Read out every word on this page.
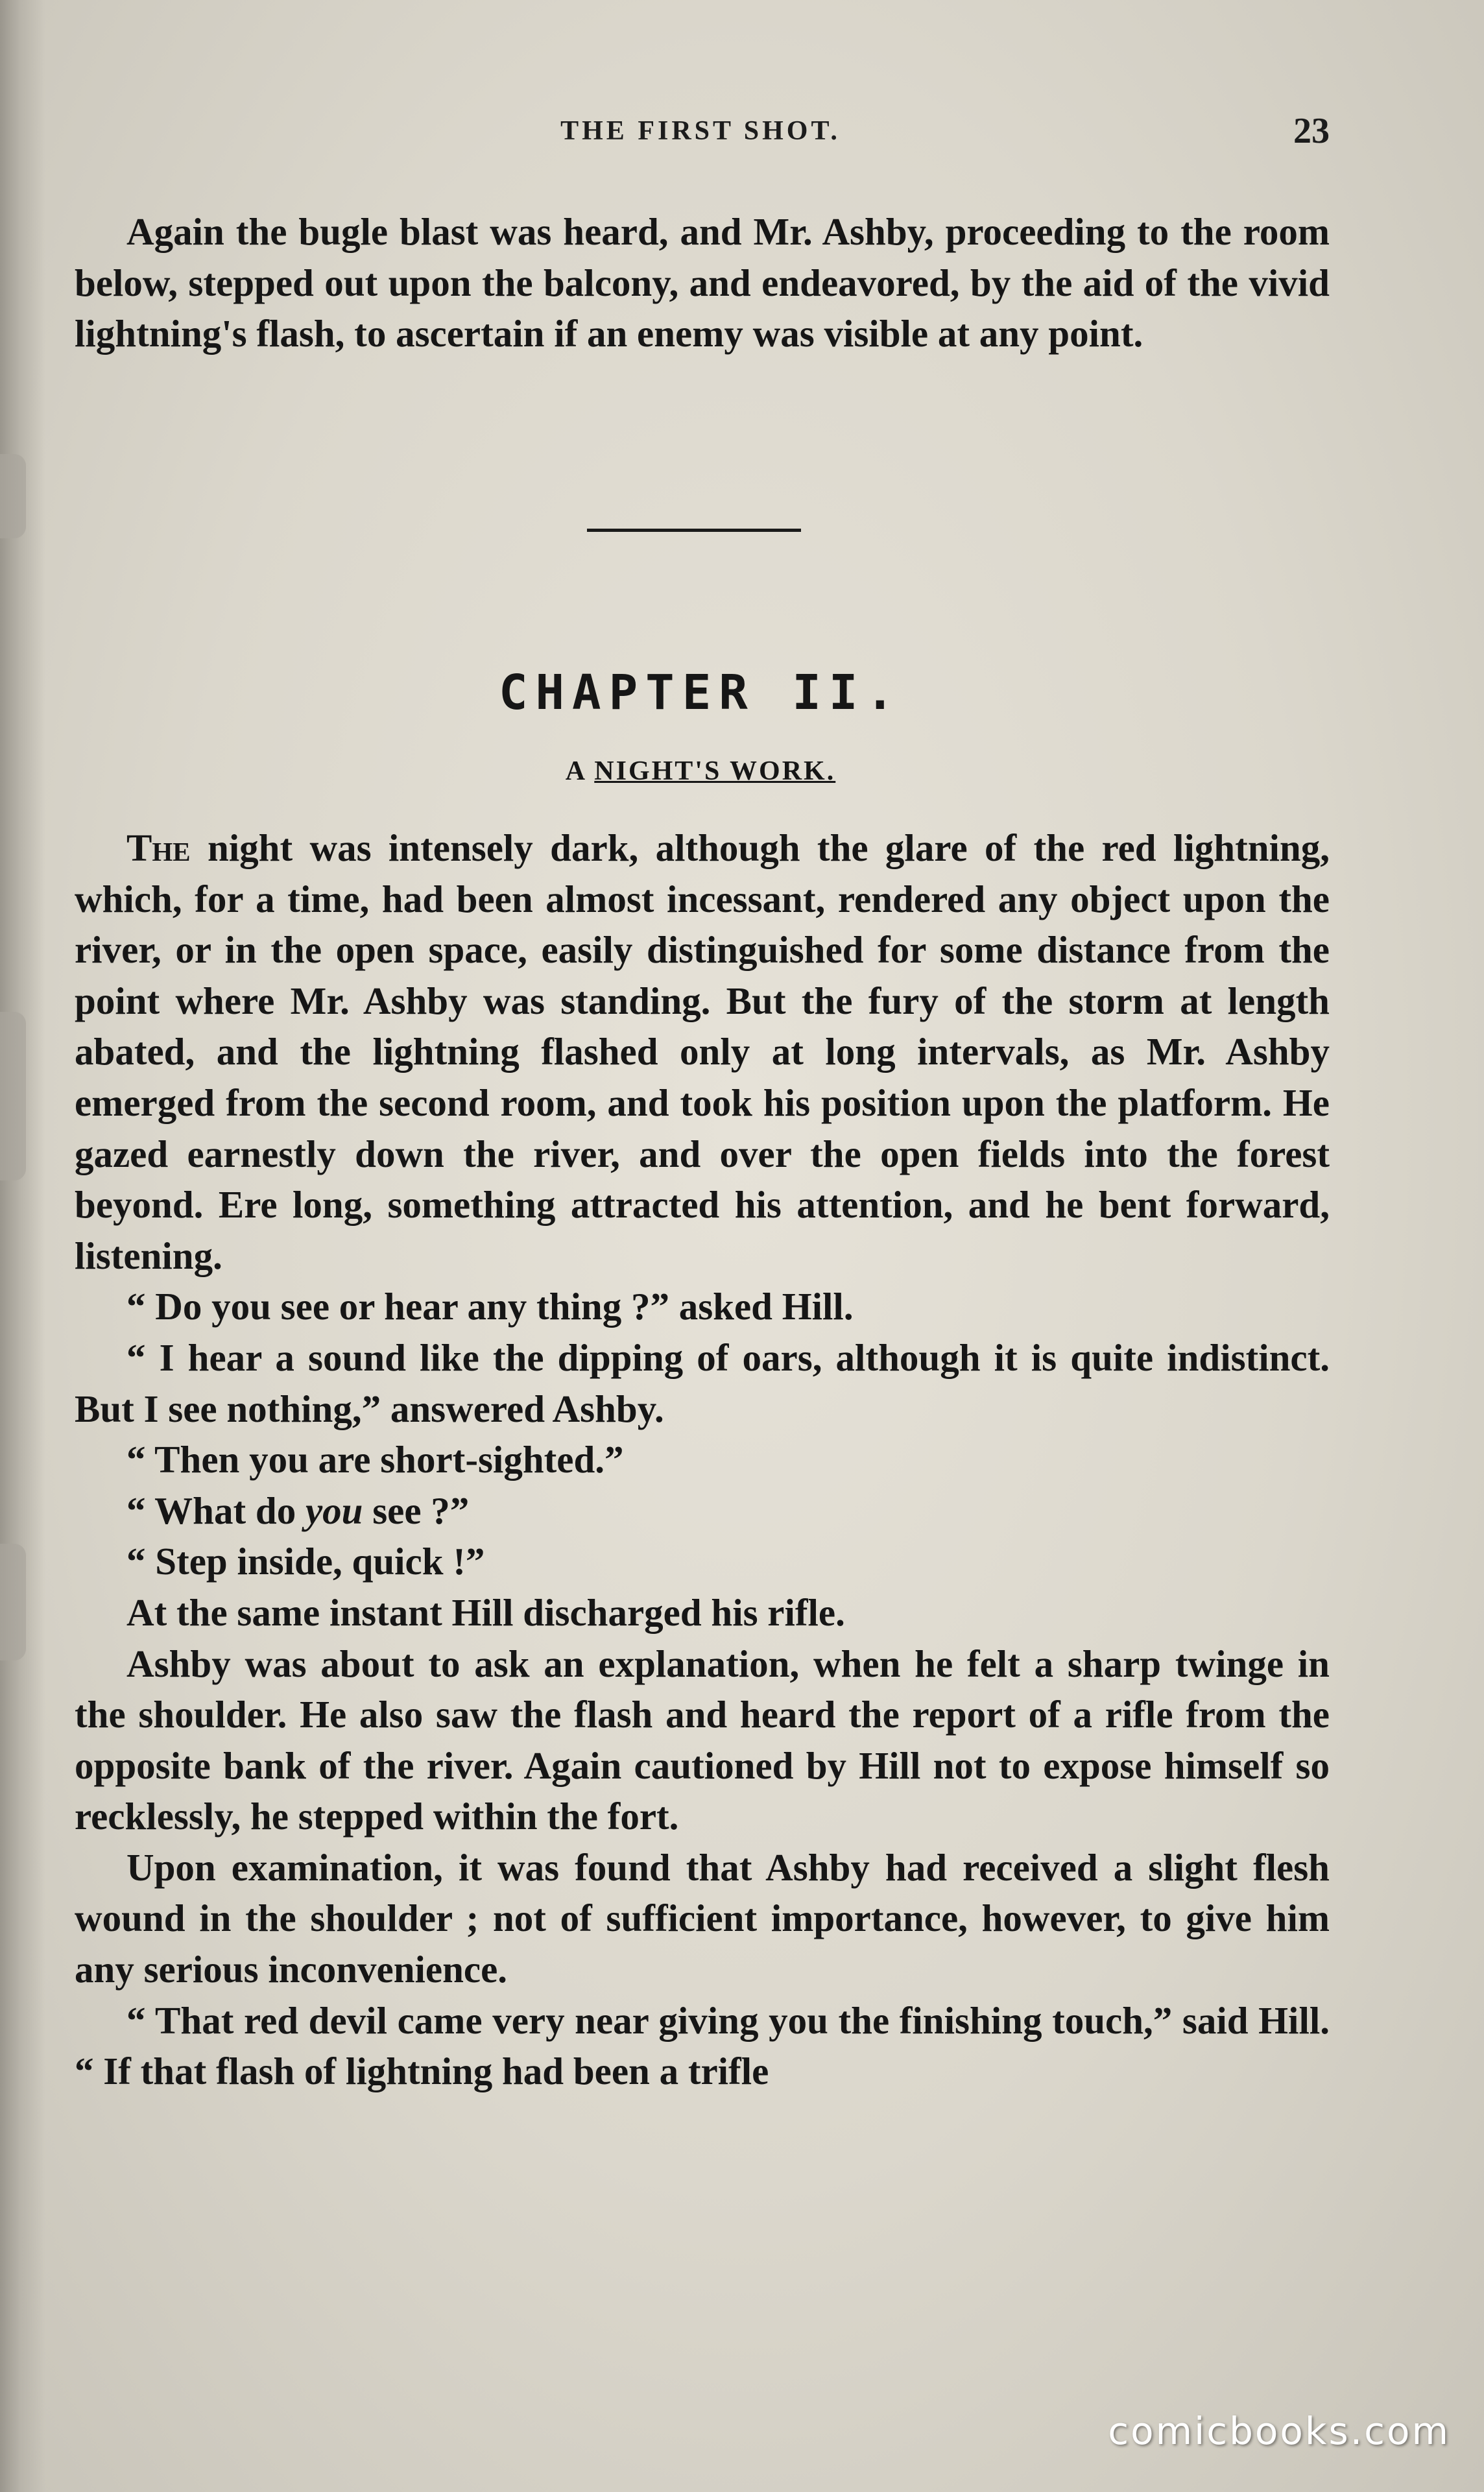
THE FIRST SHOT.	23

Again the bugle blast was heard, and Mr. Ashby, proceeding to the room below, stepped out upon the balcony, and endeavored, by the aid of the vivid lightning's flash, to ascertain if an enemy was visible at any point.

CHAPTER II.
A NIGHT'S WORK.

The night was intensely dark, although the glare of the red lightning, which, for a time, had been almost incessant, rendered any object upon the river, or in the open space, easily distinguished for some distance from the point where Mr. Ashby was standing. But the fury of the storm at length abated, and the lightning flashed only at long intervals, as Mr. Ashby emerged from the second room, and took his position upon the platform. He gazed earnestly down the river, and over the open fields into the forest beyond. Ere long, something attracted his attention, and he bent forward, listening.

“ Do you see or hear any thing ?” asked Hill.

“ I hear a sound like the dipping of oars, although it is quite indistinct. But I see nothing,” answered Ashby.

“ Then you are short-sighted.”

“ What do you see ?”

“ Step inside, quick !”

At the same instant Hill discharged his rifle.

Ashby was about to ask an explanation, when he felt a sharp twinge in the shoulder. He also saw the flash and heard the report of a rifle from the opposite bank of the river. Again cautioned by Hill not to expose himself so recklessly, he stepped within the fort.

Upon examination, it was found that Ashby had received a slight flesh wound in the shoulder ; not of sufficient importance, however, to give him any serious inconvenience.

“ That red devil came very near giving you the finishing touch,” said Hill. “ If that flash of lightning had been a trifle

comicbooks.com
